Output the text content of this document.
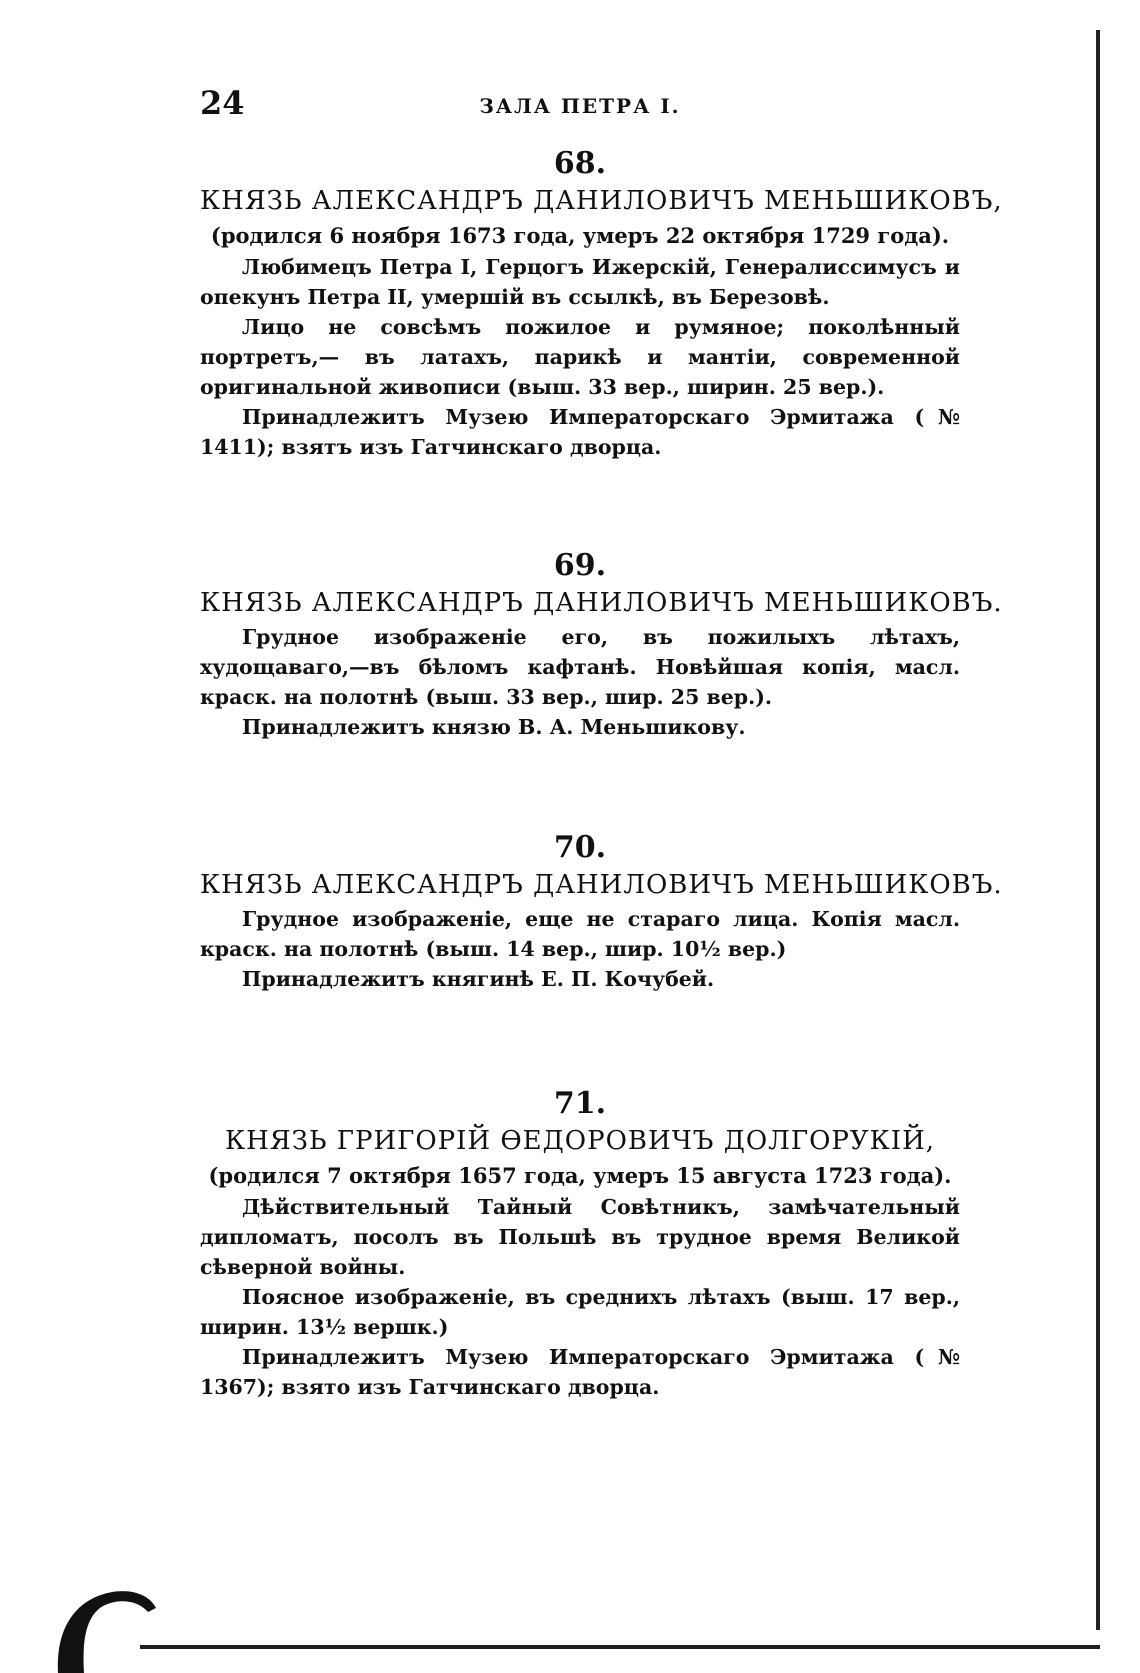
24	ЗАЛА ПЕТРА I.
68.
КНЯЗЬ АЛЕКСАНДРЪ ДАНИЛОВИЧЪ МЕНЬШИКОВЪ,
(родился 6 ноября 1673 года, умеръ 22 октября 1729 года).

Любимецъ Петра I, Герцогъ Ижерскій, Генералиссимусъ и опекунъ Петра II, умершій въ ссылкѣ, въ Березовѣ.

Лицо не совсѣмъ пожилое и румяное; поколѣнный портретъ,— въ латахъ, парикѣ и мантіи, современной оригинальной живописи (выш. 33 вер., ширин. 25 вер.).

Принадлежитъ Музею Императорскаго Эрмитажа (№ 1411); взятъ изъ Гатчинскаго дворца.

69.
КНЯЗЬ АЛЕКСАНДРЪ ДАНИЛОВИЧЪ МЕНЬШИКОВЪ.

Грудное изображеніе его, въ пожилыхъ лѣтахъ, худощаваго,—въ бѣломъ кафтанѣ. Новѣйшая копія, масл. краск. на полотнѣ (выш. 33 вер., шир. 25 вер.).

Принадлежитъ князю В. А. Меньшикову.

70.
КНЯЗЬ АЛЕКСАНДРЪ ДАНИЛОВИЧЪ МЕНЬШИКОВЪ.

Грудное изображеніе, еще не стараго лица. Копія масл. краск. на полотнѣ (выш. 14 вер., шир. 10½ вер.)

Принадлежитъ княгинѣ Е. П. Кочубей.

71.
КНЯЗЬ ГРИГОРІЙ ѲЕДОРОВИЧЪ ДОЛГОРУКІЙ,
(родился 7 октября 1657 года, умеръ 15 августа 1723 года).

Дѣйствительный Тайный Совѣтникъ, замѣчательный дипломатъ, посолъ въ Польшѣ въ трудное время Великой сѣверной войны.

Поясное изображеніе, въ среднихъ лѣтахъ (выш. 17 вер., ширин. 13½ вершк.)

Принадлежитъ Музею Императорскаго Эрмитажа (№ 1367); взято изъ Гатчинскаго дворца.
